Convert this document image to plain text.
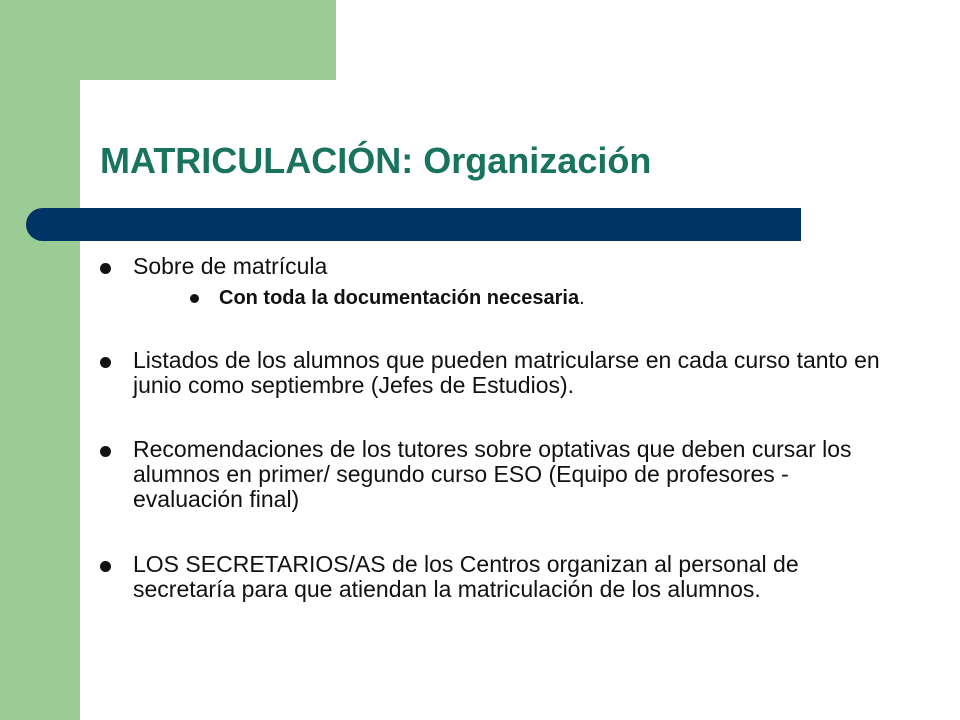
MATRICULACIÓN: Organización
Sobre de matrícula
Con toda la documentación necesaria.
Listados de los alumnos que pueden matricularse en cada curso tanto en junio como septiembre (Jefes de Estudios).
Recomendaciones de los tutores sobre optativas que deben cursar los alumnos en primer/ segundo curso ESO (Equipo de profesores - evaluación final)
LOS SECRETARIOS/AS de los Centros organizan al personal de secretaría para que atiendan la matriculación de los alumnos.
